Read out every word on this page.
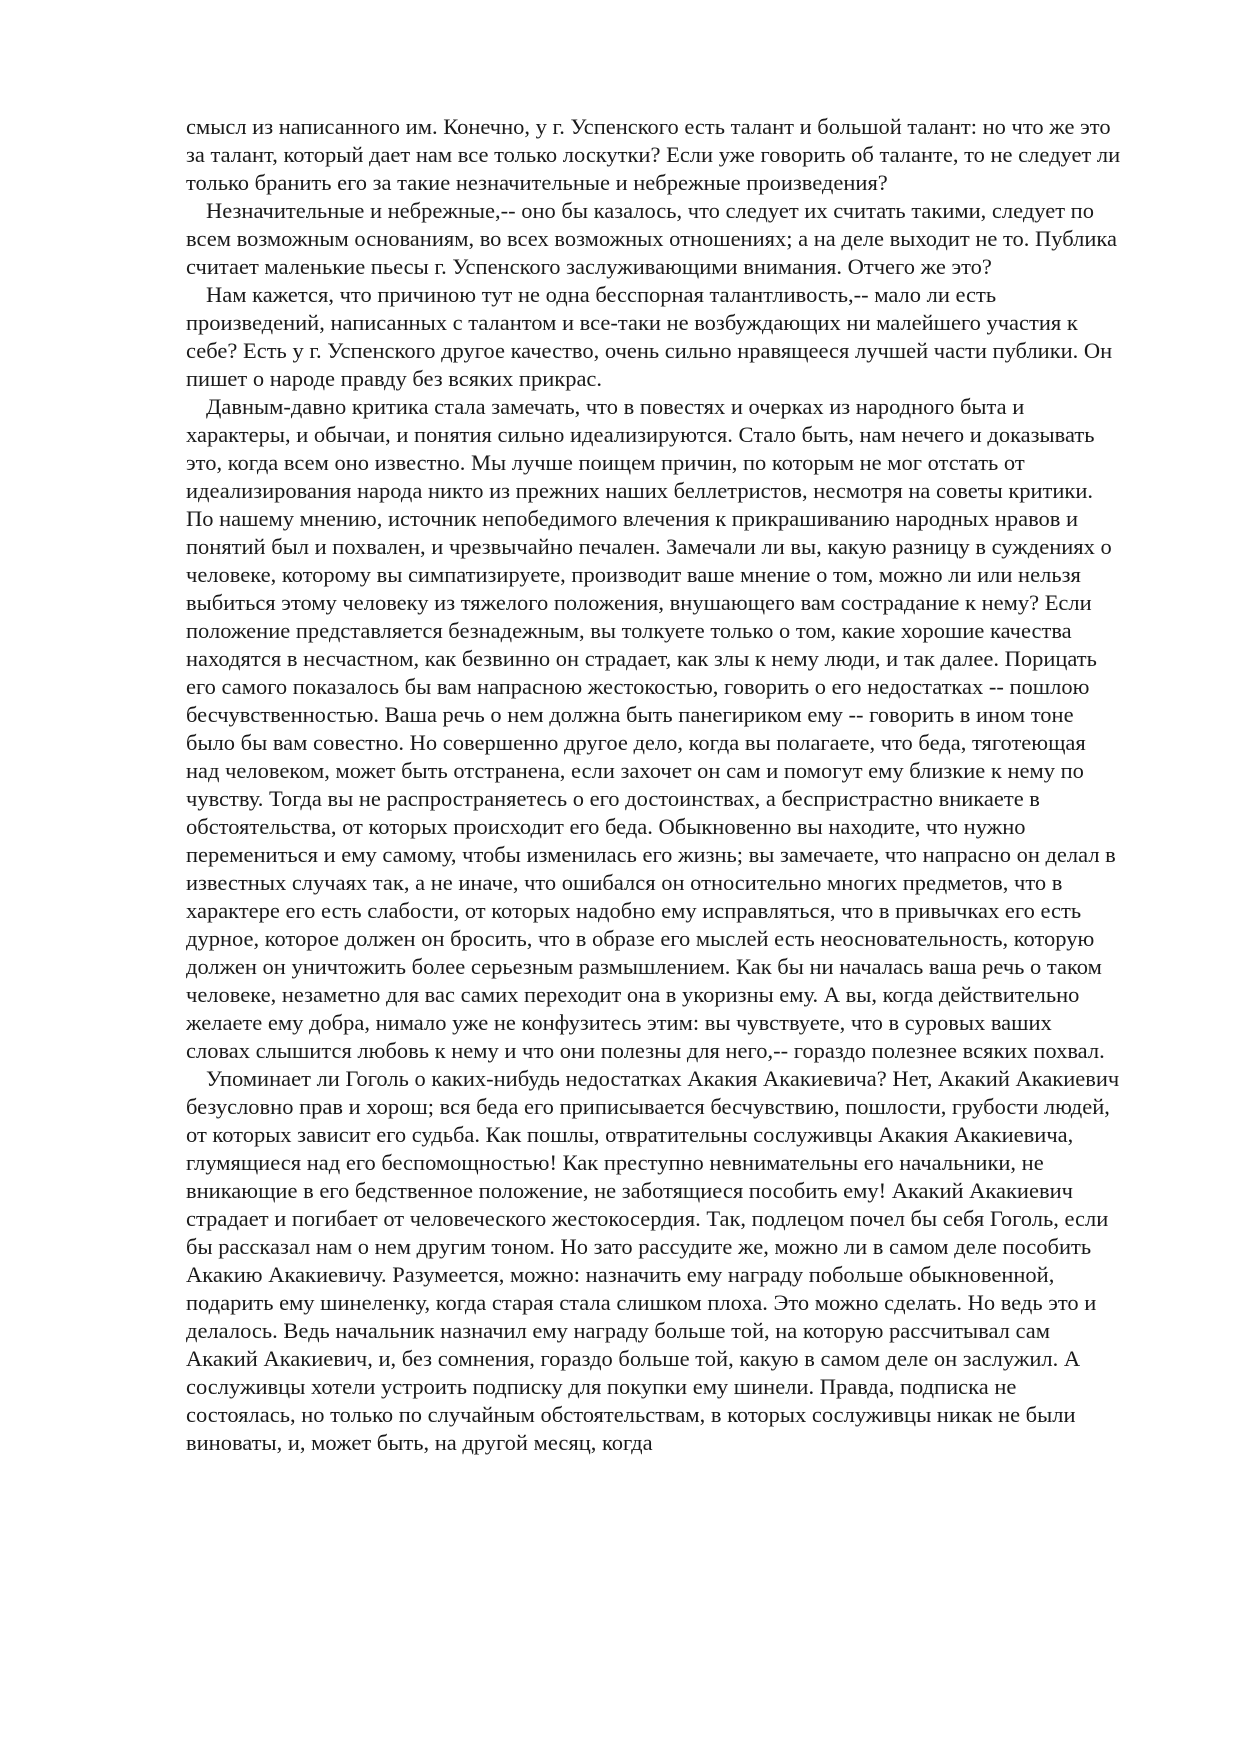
смысл из написанного им. Конечно, у г. Успенского есть талант и большой талант: но что же это за талант, который дает нам все только лоскутки? Если уже говорить об таланте, то не следует ли только бранить его за такие незначительные и небрежные произведения?

Незначительные и небрежные,-- оно бы казалось, что следует их считать такими, следует по всем возможным основаниям, во всех возможных отношениях; а на деле выходит не то. Публика считает маленькие пьесы г. Успенского заслуживающими внимания. Отчего же это?

Нам кажется, что причиною тут не одна бесспорная талантливость,-- мало ли есть произведений, написанных с талантом и все-таки не возбуждающих ни малейшего участия к себе? Есть у г. Успенского другое качество, очень сильно нравящееся лучшей части публики. Он пишет о народе правду без всяких прикрас.

Давным-давно критика стала замечать, что в повестях и очерках из народного быта и характеры, и обычаи, и понятия сильно идеализируются. Стало быть, нам нечего и доказывать это, когда всем оно известно. Мы лучше поищем причин, по которым не мог отстать от идеализирования народа никто из прежних наших беллетристов, несмотря на советы критики. По нашему мнению, источник непобедимого влечения к прикрашиванию народных нравов и понятий был и похвален, и чрезвычайно печален. Замечали ли вы, какую разницу в суждениях о человеке, которому вы симпатизируете, производит ваше мнение о том, можно ли или нельзя выбиться этому человеку из тяжелого положения, внушающего вам сострадание к нему? Если положение представляется безнадежным, вы толкуете только о том, какие хорошие качества находятся в несчастном, как безвинно он страдает, как злы к нему люди, и так далее. Порицать его самого показалось бы вам напрасною жестокостью, говорить о его недостатках -- пошлою бесчувственностью. Ваша речь о нем должна быть панегириком ему -- говорить в ином тоне было бы вам совестно. Но совершенно другое дело, когда вы полагаете, что беда, тяготеющая над человеком, может быть отстранена, если захочет он сам и помогут ему близкие к нему по чувству. Тогда вы не распространяетесь о его достоинствах, а беспристрастно вникаете в обстоятельства, от которых происходит его беда. Обыкновенно вы находите, что нужно перемениться и ему самому, чтобы изменилась его жизнь; вы замечаете, что напрасно он делал в известных случаях так, а не иначе, что ошибался он относительно многих предметов, что в характере его есть слабости, от которых надобно ему исправляться, что в привычках его есть дурное, которое должен он бросить, что в образе его мыслей есть неосновательность, которую должен он уничтожить более серьезным размышлением. Как бы ни началась ваша речь о таком человеке, незаметно для вас самих переходит она в укоризны ему. А вы, когда действительно желаете ему добра, нимало уже не конфузитесь этим: вы чувствуете, что в суровых ваших словах слышится любовь к нему и что они полезны для него,-- гораздо полезнее всяких похвал.

Упоминает ли Гоголь о каких-нибудь недостатках Акакия Акакиевича? Нет, Акакий Акакиевич безусловно прав и хорош; вся беда его приписывается бесчувствию, пошлости, грубости людей, от которых зависит его судьба. Как пошлы, отвратительны сослуживцы Акакия Акакиевича, глумящиеся над его беспомощностью! Как преступно невнимательны его начальники, не вникающие в его бедственное положение, не заботящиеся пособить ему! Акакий Акакиевич страдает и погибает от человеческого жестокосердия. Так, подлецом почел бы себя Гоголь, если бы рассказал нам о нем другим тоном. Но зато рассудите же, можно ли в самом деле пособить Акакию Акакиевичу. Разумеется, можно: назначить ему награду побольше обыкновенной, подарить ему шинеленку, когда старая стала слишком плоха. Это можно сделать. Но ведь это и делалось. Ведь начальник назначил ему награду больше той, на которую рассчитывал сам Акакий Акакиевич, и, без сомнения, гораздо больше той, какую в самом деле он заслужил. А сослуживцы хотели устроить подписку для покупки ему шинели. Правда, подписка не состоялась, но только по случайным обстоятельствам, в которых сослуживцы никак не были виноваты, и, может быть, на другой месяц, когда
